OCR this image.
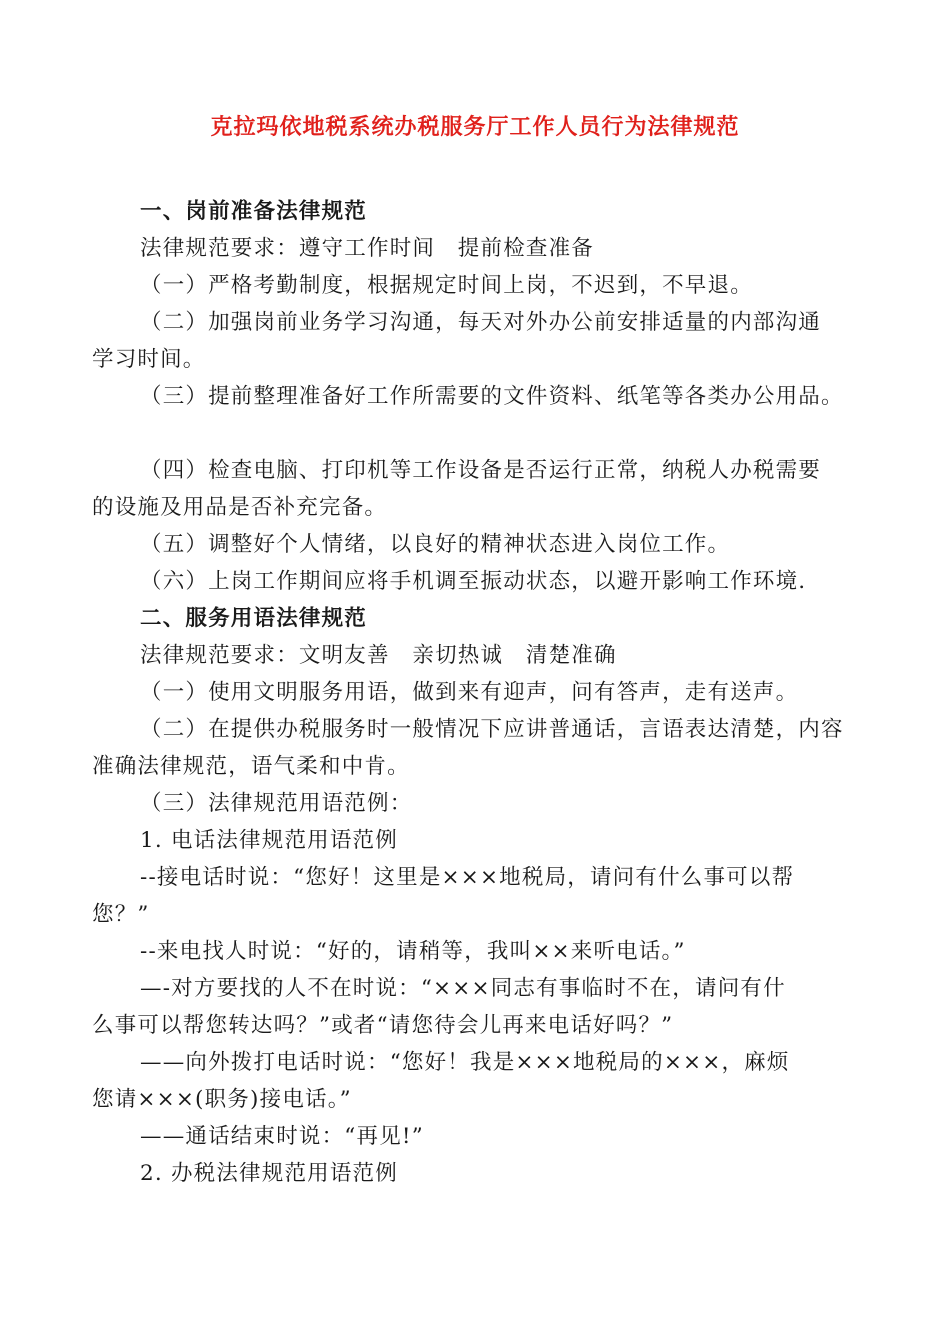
克拉玛依地税系统办税服务厅工作人员行为法律规范
一、岗前准备法律规范
法律规范要求：遵守工作时间　提前检查准备
（一）严格考勤制度，根据规定时间上岗，不迟到，不早退。
（二）加强岗前业务学习沟通，每天对外办公前安排适量的内部沟通
学习时间。
（三）提前整理准备好工作所需要的文件资料、纸笔等各类办公用品。
（四）检查电脑、打印机等工作设备是否运行正常，纳税人办税需要
的设施及用品是否补充完备。
（五）调整好个人情绪，以良好的精神状态进入岗位工作。
（六）上岗工作期间应将手机调至振动状态，以避开影响工作环境.
二、服务用语法律规范
法律规范要求：文明友善　亲切热诚　清楚准确
（一）使用文明服务用语，做到来有迎声，问有答声，走有送声。
（二）在提供办税服务时一般情况下应讲普通话，言语表达清楚，内容
准确法律规范，语气柔和中肯。
（三）法律规范用语范例：
1. 电话法律规范用语范例
--接电话时说：“您好！这里是×××地税局，请问有什么事可以帮
您？”
--来电找人时说：“好的，请稍等，我叫××来听电话。”
—-对方要找的人不在时说：“×××同志有事临时不在，请问有什
么事可以帮您转达吗？”或者“请您待会儿再来电话好吗？”
——向外拨打电话时说：“您好！我是×××地税局的×××，麻烦
您请×××(职务)接电话。”
——通话结束时说：“再见!”
2. 办税法律规范用语范例
